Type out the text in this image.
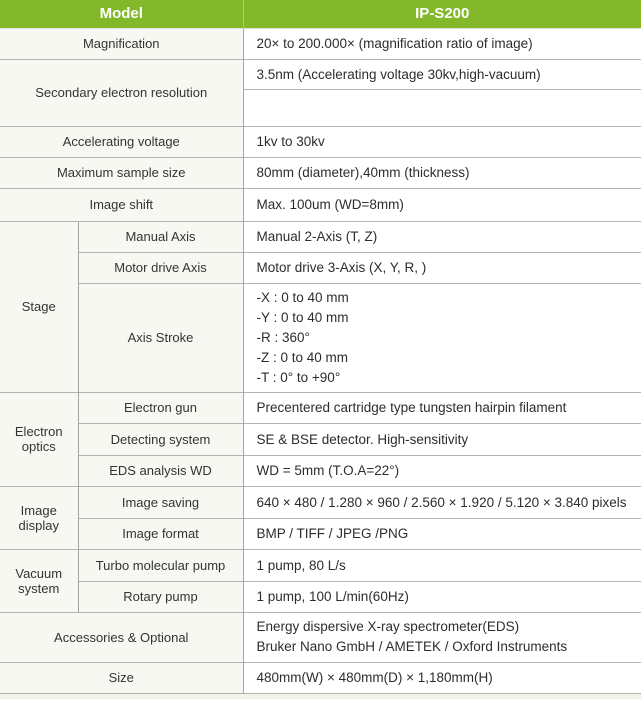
Model		IP-S200
Magnification		20× to 200.000× (magnification ratio of image)
Secondary electron resolution		3.5nm (Accelerating voltage 30kv,high-vacuum)

Accelerating voltage		1kv to 30kv
Maximum sample size		80mm (diameter),40mm (thickness)
Image shift		Max. 100um (WD=8mm)
Stage	Manual Axis	Manual 2-Axis (T, Z)
	Motor drive Axis	Motor drive 3-Axis (X, Y, R, )
	Axis Stroke	-X : 0 to 40 mm
-Y : 0 to 40 mm
-R : 360°
-Z : 0 to 40 mm
-T : 0° to +90°

Electron optics	Electron gun	Precentered cartridge type tungsten hairpin filament
	Detecting system	SE & BSE detector. High-sensitivity
	EDS analysis WD	WD = 5mm (T.O.A=22°)
Image display	Image saving	640 × 480 / 1.280 × 960 / 2.560 × 1.920 / 5.120 × 3.840 pixels
	Image format	BMP / TIFF / JPEG /PNG
Vacuum system	Turbo molecular pump	1 pump, 80 L/s
	Rotary pump	1 pump, 100 L/min(60Hz)
Accessories & Optional		Energy dispersive X-ray spectrometer(EDS)
Bruker Nano GmbH / AMETEK / Oxford Instruments

Size		480mm(W) × 480mm(D) × 1,180mm(H)
